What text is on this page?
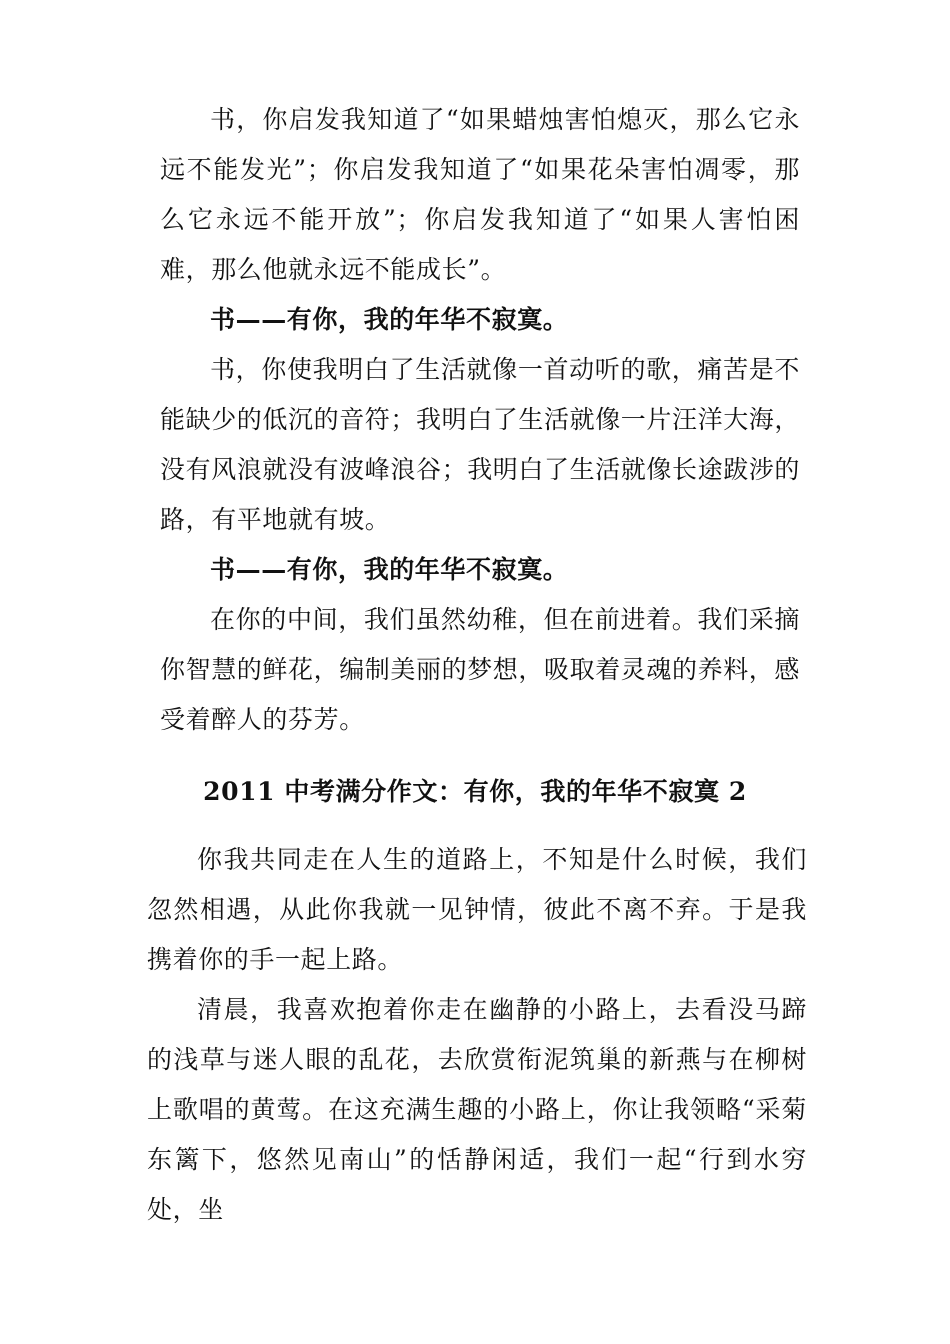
书，你启发我知道了“如果蜡烛害怕熄灭，那么它永远不能发光”；你启发我知道了“如果花朵害怕凋零，那么它永远不能开放”；你启发我知道了“如果人害怕困难，那么他就永远不能成长”。

书——有你，我的年华不寂寞。

书，你使我明白了生活就像一首动听的歌，痛苦是不能缺少的低沉的音符；我明白了生活就像一片汪洋大海，没有风浪就没有波峰浪谷；我明白了生活就像长途跋涉的路，有平地就有坡。

书——有你，我的年华不寂寞。

在你的中间，我们虽然幼稚，但在前进着。我们采摘你智慧的鲜花，编制美丽的梦想，吸取着灵魂的养料，感受着醉人的芬芳。

2011 中考满分作文：有你，我的年华不寂寞 2

你我共同走在人生的道路上，不知是什么时候，我们忽然相遇，从此你我就一见钟情，彼此不离不弃。于是我携着你的手一起上路。

清晨，我喜欢抱着你走在幽静的小路上，去看没马蹄的浅草与迷人眼的乱花，去欣赏衔泥筑巢的新燕与在柳树上歌唱的黄莺。在这充满生趣的小路上，你让我领略“采菊东篱下，悠然见南山”的恬静闲适，我们一起“行到水穷处，坐
